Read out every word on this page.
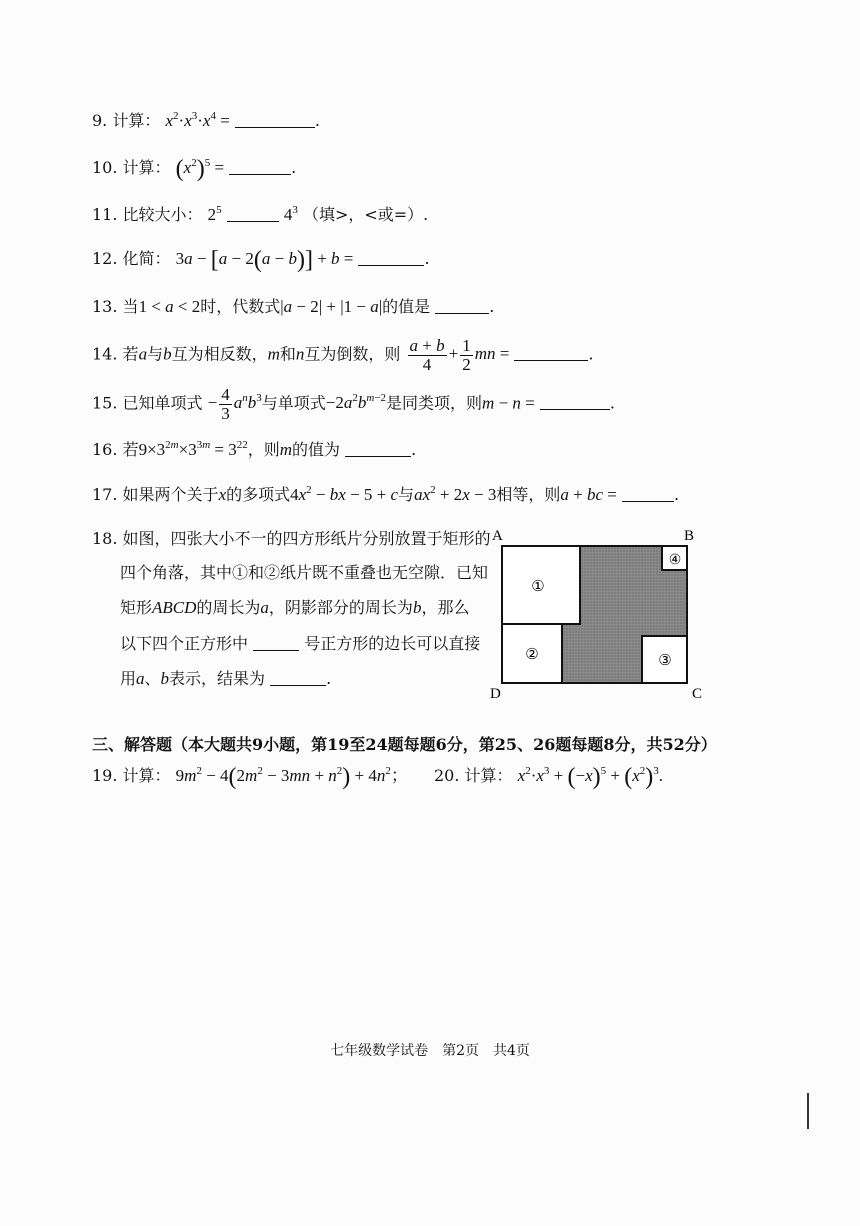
9. 计算： $x^2\cdot x^3\cdot x^4$ =	.
10. 计算： $(x^2)^5$ =	.
11. 比较大小： $2^5$	$4^3$ （填>，<或=）.
12. 化简： 3a − [a − 2(a − b)] + b =	.
13. 当1 < a < 2时，代数式|a − 2| + |1 − a|的值是	.
14. 若a与b互为相反数，m和n互为倒数，则 $\frac{a + b}{4} + \frac{1}{2}$ mn =	.
15. 已知单项式 − $\frac{4}{3} a^nb^3$与单项式$-2a^2b^{m-2}$是同类项，则m − n =	.
16. 若$9\times 3^{2m}\times 3^{3m} = 3^{22}$，则m的值为	.
17. 如果两个关于x的多项式$4x^2$ − bx − 5 + c与$ax^2 + 2x - 3$相等，则a + bc =	.
18. 如图，四张大小不一的四方形纸片分别放置于矩形的
四个角落，其中①和②纸片既不重叠也无空隙．已知
矩形ABCD的周长为a，阴影部分的周长为b，那么
以下四个正方形中	号正方形的边长可以直接
用a、b表示，结果为	.
①
②	③
④
A	B
C
D
三、解答题（本大题共9小题，第19至24题每题6分，第25、26题每题8分，共52分）
19. 计算： $9m^2 - 4(2m^2 - 3mn + n^2) + 4n^2$； 20. 计算： $x^2\cdot x^3 + (-x)^5 + (x^2)^3$.
七年级数学试卷　第2页　共4页
